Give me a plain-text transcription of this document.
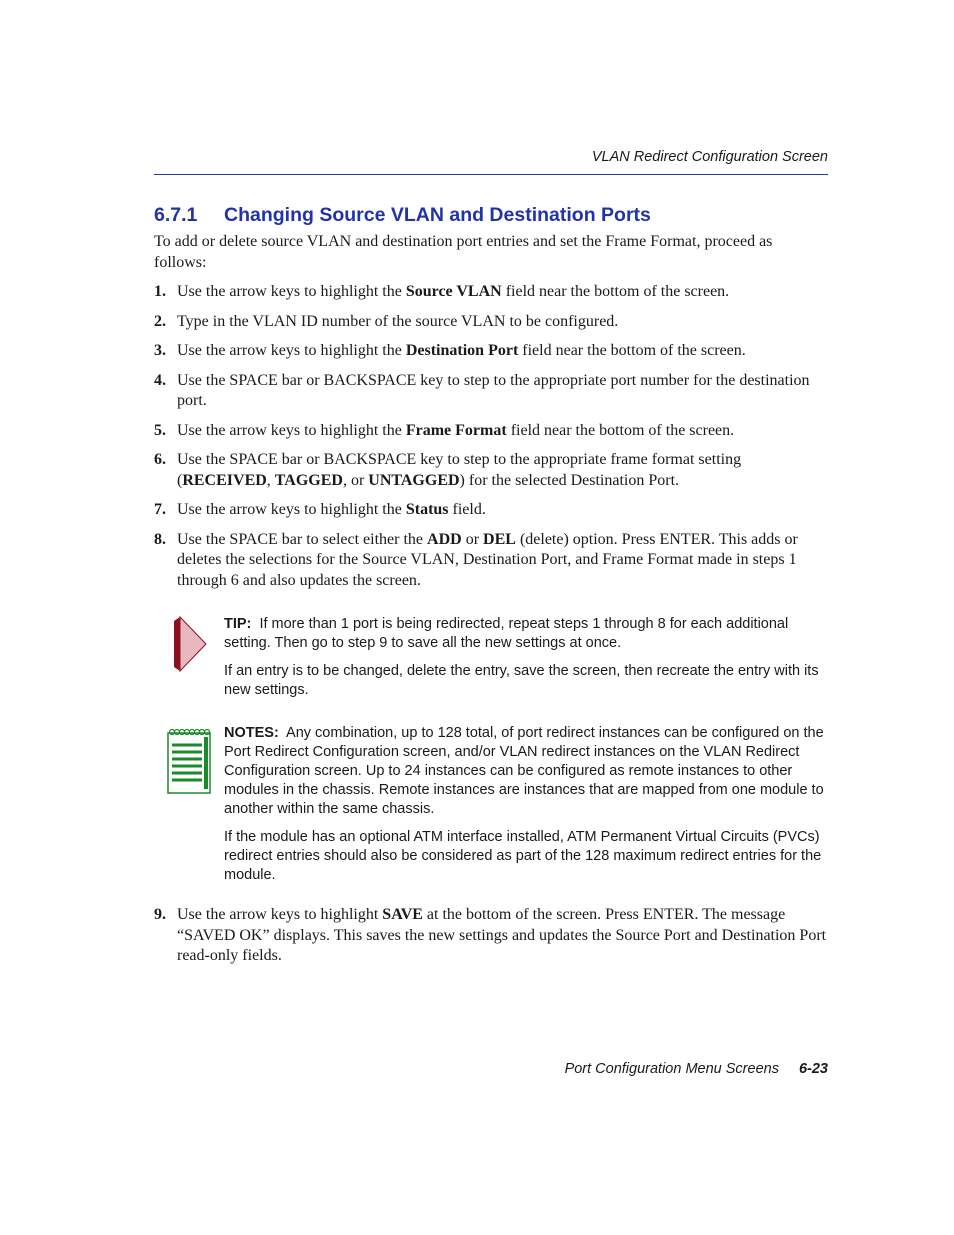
VLAN Redirect Configuration Screen
6.7.1 Changing Source VLAN and Destination Ports

To add or delete source VLAN and destination port entries and set the Frame Format, proceed as follows:

1. Use the arrow keys to highlight the Source VLAN field near the bottom of the screen.
2. Type in the VLAN ID number of the source VLAN to be configured.
3. Use the arrow keys to highlight the Destination Port field near the bottom of the screen.
4. Use the SPACE bar or BACKSPACE key to step to the appropriate port number for the destination port.
5. Use the arrow keys to highlight the Frame Format field near the bottom of the screen.
6. Use the SPACE bar or BACKSPACE key to step to the appropriate frame format setting (RECEIVED, TAGGED, or UNTAGGED) for the selected Destination Port.
7. Use the arrow keys to highlight the Status field.
8. Use the SPACE bar to select either the ADD or DEL (delete) option. Press ENTER. This adds or deletes the selections for the Source VLAN, Destination Port, and Frame Format made in steps 1 through 6 and also updates the screen.

TIP: If more than 1 port is being redirected, repeat steps 1 through 8 for each additional setting. Then go to step 9 to save all the new settings at once.

If an entry is to be changed, delete the entry, save the screen, then recreate the entry with its new settings.

NOTES: Any combination, up to 128 total, of port redirect instances can be configured on the Port Redirect Configuration screen, and/or VLAN redirect instances on the VLAN Redirect Configuration screen. Up to 24 instances can be configured as remote instances to other modules in the chassis. Remote instances are instances that are mapped from one module to another within the same chassis.

If the module has an optional ATM interface installed, ATM Permanent Virtual Circuits (PVCs) redirect entries should also be considered as part of the 128 maximum redirect entries for the module.

9. Use the arrow keys to highlight SAVE at the bottom of the screen. Press ENTER. The message “SAVED OK” displays. This saves the new settings and updates the Source Port and Destination Port read-only fields.
Port Configuration Menu Screens 6-23
